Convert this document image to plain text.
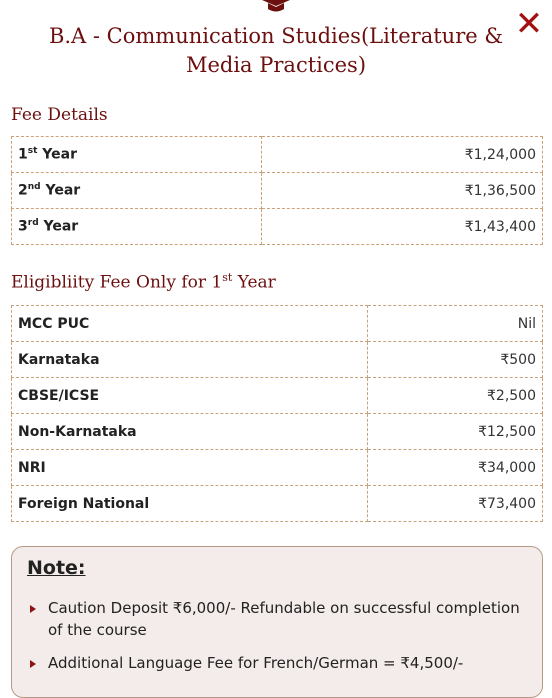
✕
B.A - Communication Studies(Literature & Media Practices)
Fee Details
1st Year	₹1,24,000
2nd Year	₹1,36,500
3rd Year	₹1,43,400
Eligibliity Fee Only for 1st Year
MCC PUC	Nil
Karnataka	₹500
CBSE/ICSE	₹2,500
Non-Karnataka	₹12,500
NRI	₹34,000
Foreign National	₹73,400
Note:
Caution Deposit ₹6,000/- Refundable on successful completion of the course
Additional Language Fee for French/German = ₹4,500/-
